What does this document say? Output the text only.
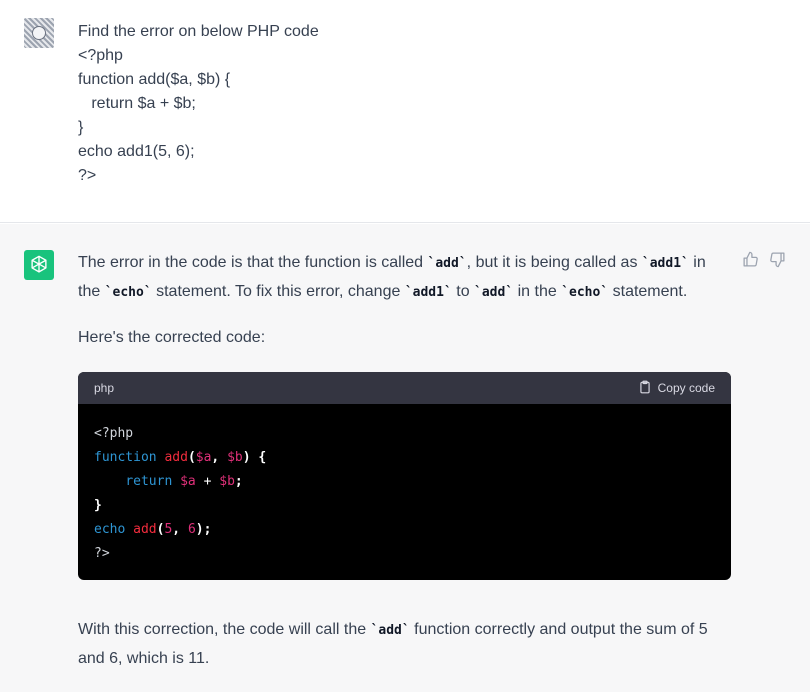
Find the error on below PHP code
<?php
function add($a, $b) {
return $a + $b;
}
echo add1(5, 6);
?>
The error in the code is that the function is called `add`, but it is being called as `add1` in the `echo` statement. To fix this error, change `add1` to `add` in the `echo` statement.
Here's the corrected code:
php	Copy code
<?php
function add($a, $b) {
return $a + $b;
}
echo add(5, 6);
?>
With this correction, the code will call the `add` function correctly and output the sum of 5 and 6, which is 11.
